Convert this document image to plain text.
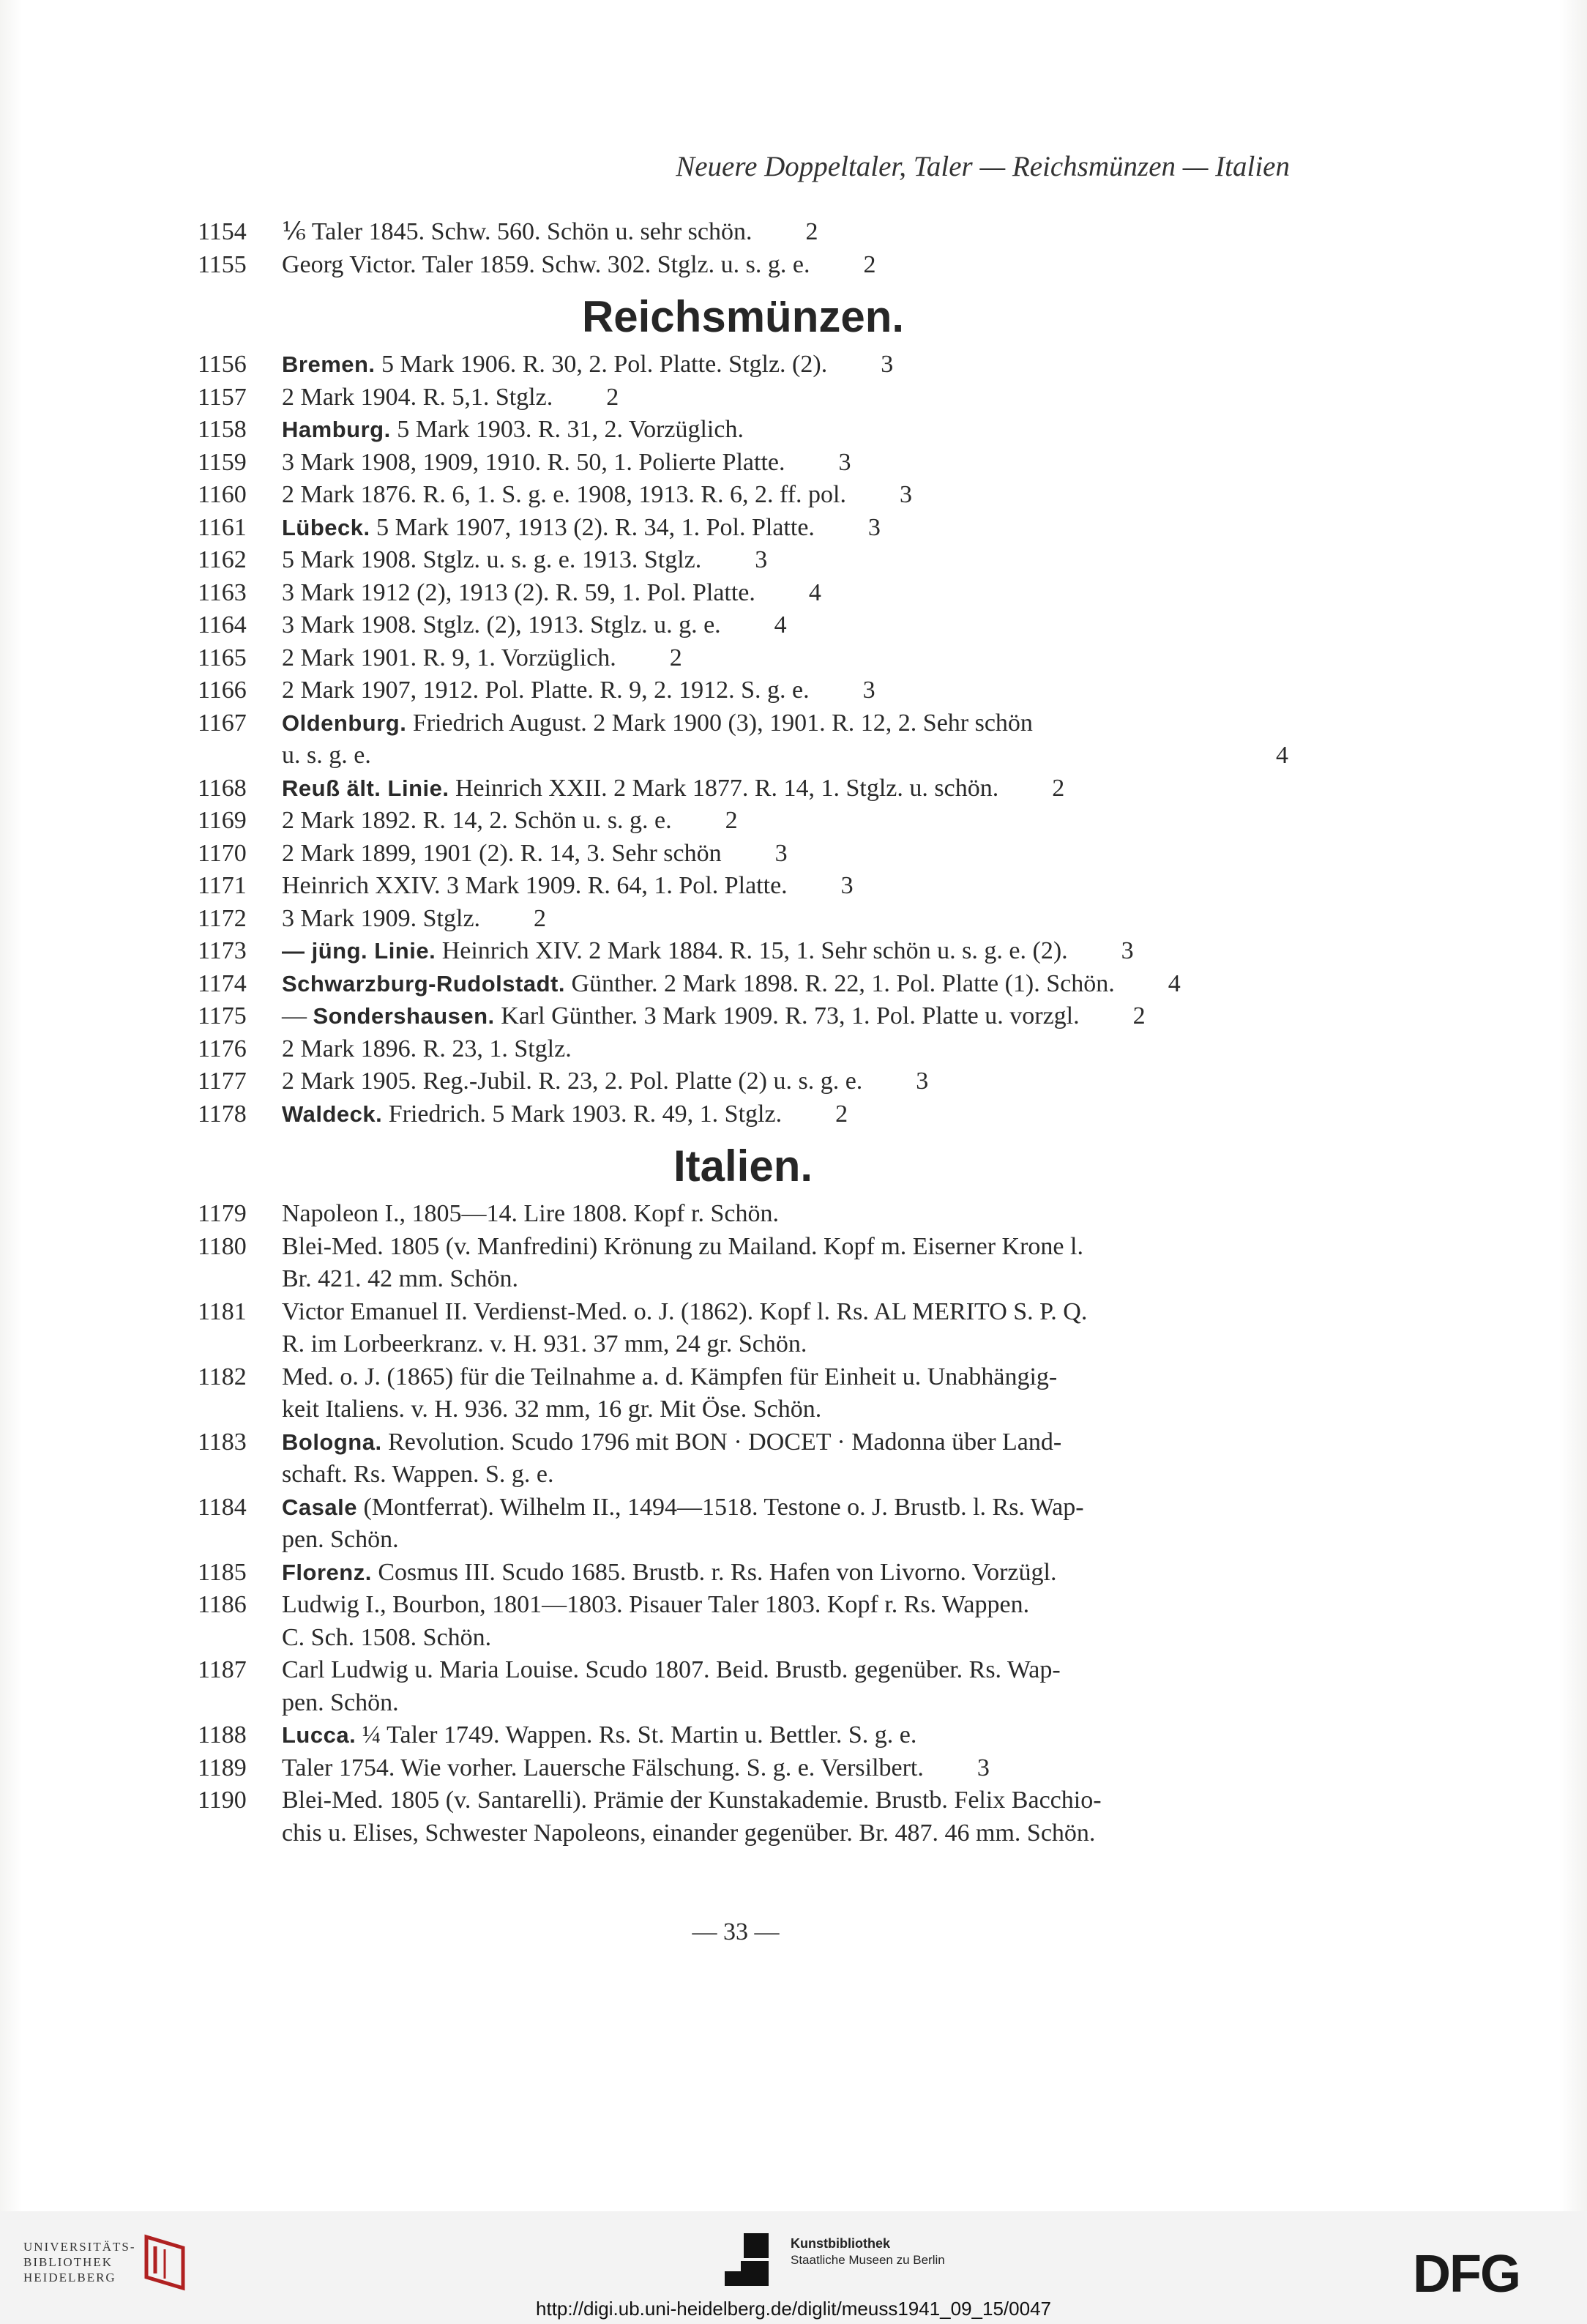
Neuere Doppeltaler, Taler — Reichsmünzen — Italien
1154	⅙ Taler 1845. Schw. 560. Schön u. sehr schön.	2
1155	Georg Victor. Taler 1859. Schw. 302. Stglz. u. s. g. e.	2
Reichsmünzen.
1156	Bremen. 5 Mark 1906. R. 30, 2. Pol. Platte. Stglz. (2).	3
1157	2 Mark 1904. R. 5,1. Stglz.	2
1158	Hamburg. 5 Mark 1903. R. 31, 2. Vorzüglich.
1159	3 Mark 1908, 1909, 1910. R. 50, 1. Polierte Platte.	3
1160	2 Mark 1876. R. 6, 1. S. g. e. 1908, 1913. R. 6, 2. ff. pol.	3
1161	Lübeck. 5 Mark 1907, 1913 (2). R. 34, 1. Pol. Platte.	3
1162	5 Mark 1908. Stglz. u. s. g. e. 1913. Stglz.	3
1163	3 Mark 1912 (2), 1913 (2). R. 59, 1. Pol. Platte.	4
1164	3 Mark 1908. Stglz. (2), 1913. Stglz. u. g. e.	4
1165	2 Mark 1901. R. 9, 1. Vorzüglich.	2
1166	2 Mark 1907, 1912. Pol. Platte. R. 9, 2. 1912. S. g. e.	3
1167	Oldenburg. Friedrich August. 2 Mark 1900 (3), 1901. R. 12, 2. Sehr schön
u. s. g. e.	4
1168	Reuß ält. Linie. Heinrich XXII. 2 Mark 1877. R. 14, 1. Stglz. u. schön.	2
1169	2 Mark 1892. R. 14, 2. Schön u. s. g. e.	2
1170	2 Mark 1899, 1901 (2). R. 14, 3. Sehr schön	3
1171	Heinrich XXIV. 3 Mark 1909. R. 64, 1. Pol. Platte.	3
1172	3 Mark 1909. Stglz.	2
1173	— jüng. Linie. Heinrich XIV. 2 Mark 1884. R. 15, 1. Sehr schön u. s. g. e. (2).	3
1174	Schwarzburg-Rudolstadt. Günther. 2 Mark 1898. R. 22, 1. Pol. Platte (1). Schön.	4
1175	— Sondershausen. Karl Günther. 3 Mark 1909. R. 73, 1. Pol. Platte u. vorzgl.	2
1176	2 Mark 1896. R. 23, 1. Stglz.
1177	2 Mark 1905. Reg.-Jubil. R. 23, 2. Pol. Platte (2) u. s. g. e.	3
1178	Waldeck. Friedrich. 5 Mark 1903. R. 49, 1. Stglz.	2
Italien.
1179	Napoleon I., 1805—14. Lire 1808. Kopf r. Schön.
1180	Blei-Med. 1805 (v. Manfredini) Krönung zu Mailand. Kopf m. Eiserner Krone l.
Br. 421. 42 mm. Schön.
1181	Victor Emanuel II. Verdienst-Med. o. J. (1862). Kopf l. Rs. AL MERITO S. P. Q.
R. im Lorbeerkranz. v. H. 931. 37 mm, 24 gr. Schön.
1182	Med. o. J. (1865) für die Teilnahme a. d. Kämpfen für Einheit u. Unabhängig-
keit Italiens. v. H. 936. 32 mm, 16 gr. Mit Öse. Schön.
1183	Bologna. Revolution. Scudo 1796 mit BON · DOCET · Madonna über Land-
schaft. Rs. Wappen. S. g. e.
1184	Casale (Montferrat). Wilhelm II., 1494—1518. Testone o. J. Brustb. l. Rs. Wap-
pen. Schön.
1185	Florenz. Cosmus III. Scudo 1685. Brustb. r. Rs. Hafen von Livorno. Vorzügl.
1186	Ludwig I., Bourbon, 1801—1803. Pisauer Taler 1803. Kopf r. Rs. Wappen.
C. Sch. 1508. Schön.
1187	Carl Ludwig u. Maria Louise. Scudo 1807. Beid. Brustb. gegenüber. Rs. Wap-
pen. Schön.
1188	Lucca. ¼ Taler 1749. Wappen. Rs. St. Martin u. Bettler. S. g. e.
1189	Taler 1754. Wie vorher. Lauersche Fälschung. S. g. e. Versilbert.	3
1190	Blei-Med. 1805 (v. Santarelli). Prämie der Kunstakademie. Brustb. Felix Bacchio-
chis u. Elises, Schwester Napoleons, einander gegenüber. Br. 487. 46 mm. Schön.
— 33 —
UNIVERSITÄTS-
BIBLIOTHEK
HEIDELBERG
Kunstbibliothek
Staatliche Museen zu Berlin	DFG
http://digi.ub.uni-heidelberg.de/diglit/meuss1941_09_15/0047
